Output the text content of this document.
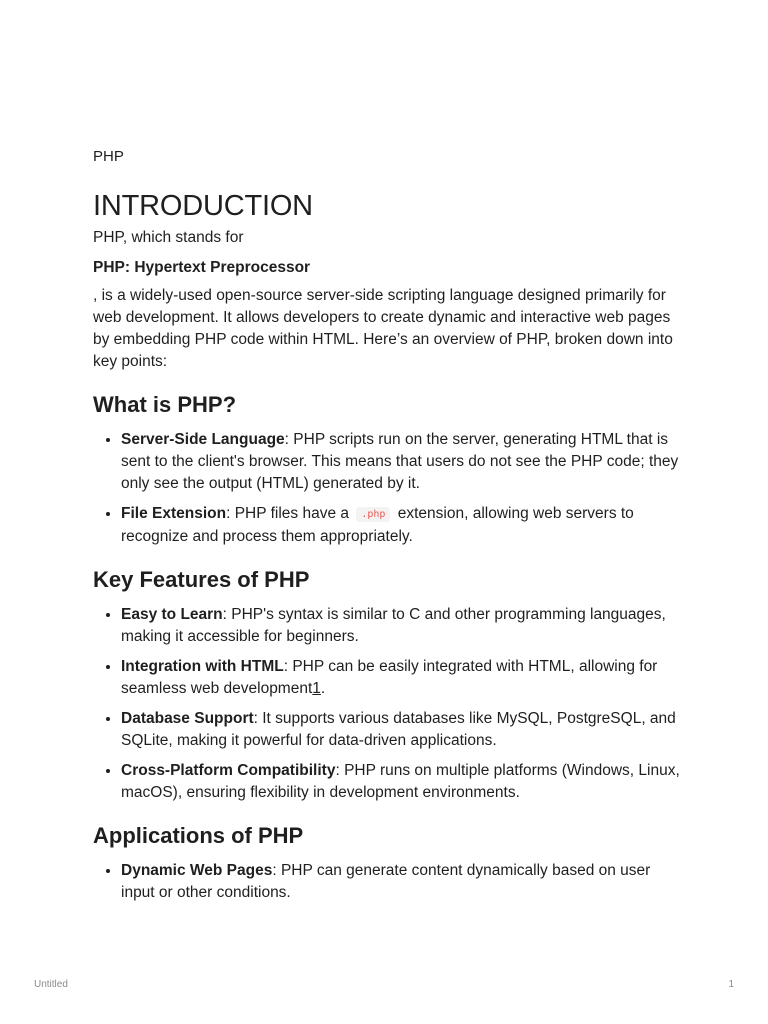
PHP
INTRODUCTION

PHP, which stands for

PHP: Hypertext Preprocessor

, is a widely-used open-source server-side scripting language designed primarily for web development. It allows developers to create dynamic and interactive web pages by embedding PHP code within HTML. Here’s an overview of PHP, broken down into key points:

What is PHP?
• Server-Side Language: PHP scripts run on the server, generating HTML that is sent to the client's browser. This means that users do not see the PHP code; they only see the output (HTML) generated by it.
• File Extension: PHP files have a .php extension, allowing web servers to recognize and process them appropriately.
Key Features of PHP
• Easy to Learn: PHP's syntax is similar to C and other programming languages, making it accessible for beginners.
• Integration with HTML: PHP can be easily integrated with HTML, allowing for seamless web development1.
• Database Support: It supports various databases like MySQL, PostgreSQL, and SQLite, making it powerful for data-driven applications.
• Cross-Platform Compatibility: PHP runs on multiple platforms (Windows, Linux, macOS), ensuring flexibility in development environments.
Applications of PHP
• Dynamic Web Pages: PHP can generate content dynamically based on user input or other conditions.
Untitled	1
